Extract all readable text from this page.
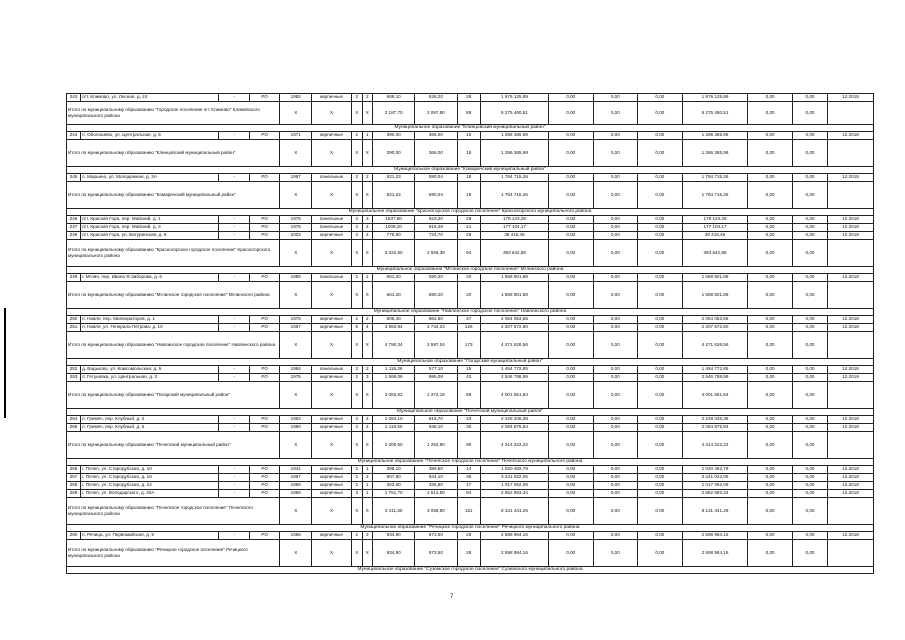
243	пгт. Климово, ул. Лесная, д. 24	-	РО	1982	кирпичные	2	2	669,10	626,20	28	1 976 125,89	0,00	0,00	0,00	1 976 125,89	0,00	0,00	12.2018
Итого по муниципальному образованию "Городское поселение пгт Климово" Климовского муниципального района				X	X	X	X	2 187,70	2 097,80	89	6 275 460,51	0,00	0,00	0,00	6 275 460,51	0,00	0,00	
Муниципальное образование "Клинцовский муниципальный район"																		
244	п. Оболешево, ул. Центральная, д. 5	-	РО	1971	кирпичные	2	1	390,00	366,00	15	1 286 365,98	0,00	0,00	0,00	1 286 365,98	0,00	0,00	12.2018
Итого по муниципальному образованию "Клинцовский муниципальный район"				X	X	X	X	390,00	366,00	15	1 286 365,98	0,00	0,00	0,00	1 286 365,98	0,00	0,00	
Муниципальное образование "Комаричский муниципальный район"																		
245	п. Марьино, ул. Молодежная, д. 3А	-	РО	1987	панельные	2	2	621,23	590,04	18	1 784 715,26	0,00	0,00	0,00	1 784 715,26	0,00	0,00	12.2018
Итого по муниципальному образованию "Комаричский муниципальный район"				X	X	X	X	621,23	590,04	18	1 784 715,26	0,00	0,00	0,00	1 784 715,26	0,00	0,00	
Муниципальное образование "Красногорское городское поселение" Красногорского муниципального района																		
246	пгт. Красная Гора, пер. Майский, д. 1	-	РО	1976	панельные	2	3	1537,80	923,20	28	178 123,26	0,00	0,00	0,00	178 123,26	0,00	0,00	12.2018
247	пгт. Красная Гора, пер. Майский, д. 3	-	РО	1976	панельные	2	2	1008,20	918,48	41	177 104,17	0,00	0,00	0,00	177 104,17	0,00	0,00	12.2018
248	пгт. Красная Гора, ул. Батуринская, д. 8	-	РО	2003	кирпичные	2	2	776,50	724,70	25	38 415,45	0,00	0,00	0,00	38 415,45	0,00	0,00	12.2019
Итого по муниципальному образованию "Красногорское городское поселение" Красногорского муниципального района				X	X	X	X	3 322,50	2 566,38	94	393 642,88	0,00	0,00	0,00	393 642,88	0,00	0,00	
Муниципальное образование "Мглинское городское поселение" Мглинского района																		
249	г. Мглин, пер. Ивана Ф.Зиборова, д. 6	-	РО	1985	панельные	2	2	661,20	590,20	20	1 658 801,88	0,00	0,00	0,00	1 658 801,88	0,00	0,00	12.2018
Итого по муниципальному образованию "Мглинское городское поселение" Мглинского района				X	X	X	X	661,20	590,20	20	1 658 801,88	0,00	0,00	0,00	1 658 801,88	0,00	0,00	
Муниципальное образование "Навлинское городское поселение" Навлинского района																		
250	п. Навля, пер. Милиораторов, д. 1	-	РО	1976	кирпичные	2	2	906,40	862,80	47	2 064 053,66	0,00	0,00	0,00	2 064 053,66	0,00	0,00	12.2018
251	п. Навля, ул. Генерала Петрова, д. 10	-	РО	1967	кирпичные	5	4	3 883,94	2 734,24	126	2 207 572,80	0,00	0,00	0,00	2 207 572,80	0,00	0,00	12.2018
Итого по муниципальному образованию "Навлинское городское поселение" Навлинского района				X	X	X	X	4 790,34	2 597,04	173	4 271 626,56	0,00	0,00	0,00	4 271 626,56	0,00	0,00	
Муниципальное образование "Погарский муниципальный район"																		
252	д. Вадьково, ул. Комсомольская, д. 5	-	РО	1984	панельные	2	2	1 115,26	577,10	15	1 454 772,85	0,00	0,00	0,00	1 454 772,85	0,00	0,00	12.2018
253	п. Гетуновка, ул. Центральная, д. 3	-	РО	1975	кирпичные	2	3	1 968,06	995,08	43	2 546 788,99	0,00	0,00	0,00	2 546 788,99	0,00	0,00	12.2019
Итого по муниципальному образованию "Погарский муниципальный район"				X	X	X	X	3 083,62	1 372,18	58	4 001 561,84	0,00	0,00	0,00	4 001 561,84	0,00	0,00	
Муниципальное образование "Почепский муниципальный район"																		
254	п. Гремяч, пер. Клубный, д. 2	-	РО	1962	кирпичные	2	2	1 084,10	615,70	33	2 229 346,38	0,00	0,00	0,00	2 229 346,38	0,00	0,00	12.2018
255	п. Гремяч, пер. Клубный, д. 5	-	РО	1960	кирпичные	2	2	1 118,50	648,10	35	2 084 875,84	0,00	0,00	0,00	2 084 875,84	0,00	0,00	12.2018
Итого по муниципальному образованию "Почепский муниципальный район"				X	X	X	X	2 200,60	1 263,80	68	4 314 222,22	0,00	0,00	0,00	4 314 222,22	0,00	0,00	
Муниципальное образование "Почепское городское поселение" Почепского муниципального района																		
256	г. Почеп, ул. Стародубская, д. 10	-	РО	1941	кирпичные	2	1	398,10	389,60	14	1 020 482,79	0,00	0,00	0,00	1 020 482,79	0,00	0,00	12.2018
257	г. Почеп, ул. Стародубская, д. 18	-	РО	1967	кирпичные	2	2	907,80	844,10	36	3 241 022,05	0,00	0,00	0,00	3 241 022,05	0,00	0,00	12.2018
258	г. Почеп, ул. Стародубская, д. 22	-	РО	1966	кирпичные	2	1	353,60	335,60	17	1 017 052,08	0,00	0,00	0,00	1 017 052,08	0,00	0,00	12.2018
259	г. Почеп, ул. Володарского, д. 20А	-	РО	1956	кирпичные	3	1	1 751,70	1 513,50	84	2 852 883,34	0,00	0,00	0,00	2 852 883,34	0,00	0,00	12.2018
Итого по муниципальному образованию "Почепское городское поселение" Почепского муниципального района				X	X	X	X	3 411,50	3 058,80	151	8 131 441,26	0,00	0,00	0,00	8 131 441,26	0,00	0,00	
Муниципальное образование "Речицкое городское поселение" Речицкого муниципального района																		
260	п. Речица, ул. Первомайская, д. 9	-	РО	1965	кирпичные	2	3	934,90	873,50	28	2 598 984,16	0,00	0,00	0,00	2 598 984,16	0,00	0,00	12.2018
Итого по муниципальному образованию "Речицкое городское поселение" Речицкого муниципального района				X	X	X	X	934,90	873,50	28	2 598 984,16	0,00	0,00	0,00	2 598 984,16	0,00	0,00	
Муниципальное образование "Суземское городское поселение" Суземского муниципального района																		
7
